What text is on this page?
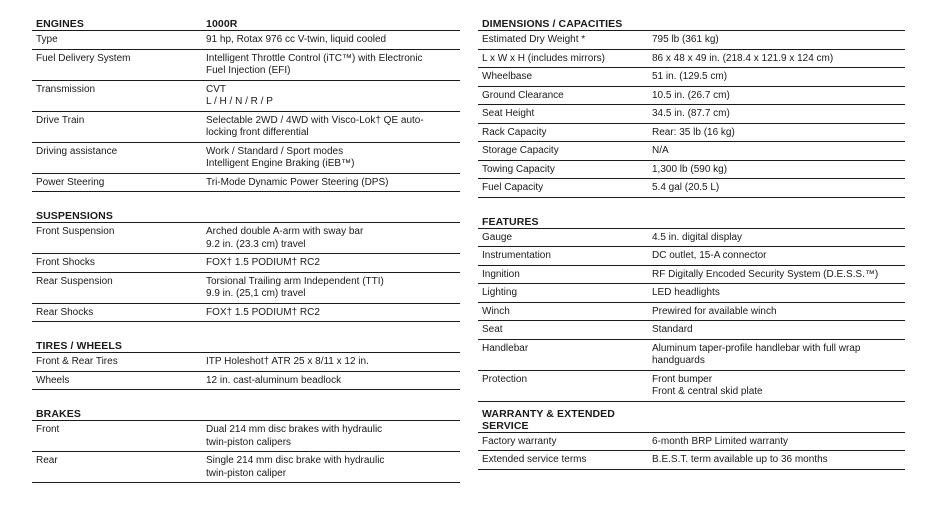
ENGINES	1000R
Type	91 hp, Rotax 976 cc V-twin, liquid cooled
Fuel Delivery System	Intelligent Throttle Control (iTC™) with Electronic
Fuel Injection (EFI)
Transmission	CVT
L / H / N / R / P
Drive Train	Selectable 2WD / 4WD with Visco-Lok† QE auto-
locking front differential
Driving assistance	Work / Standard / Sport modes
Intelligent Engine Braking (iEB™)
Power Steering	Tri-Mode Dynamic Power Steering (DPS)
SUSPENSIONS
Front Suspension	Arched double A-arm with sway bar
9.2 in. (23.3 cm) travel
Front Shocks	FOX† 1.5 PODIUM† RC2
Rear Suspension	Torsional Trailing arm Independent (TTI)
9.9 in. (25,1 cm) travel
Rear Shocks	FOX† 1.5 PODIUM† RC2
TIRES / WHEELS
Front & Rear Tires	ITP Holeshot† ATR 25 x 8/11 x 12 in.
Wheels	12 in. cast-aluminum beadlock
BRAKES
Front	Dual 214 mm disc brakes with hydraulic
twin-piston calipers
Rear	Single 214 mm disc brake with hydraulic
twin-piston caliper
DIMENSIONS / CAPACITIES
Estimated Dry Weight *	795 lb (361 kg)
L x W x H (includes mirrors)	86 x 48 x 49 in. (218.4 x 121.9 x 124 cm)
Wheelbase	51 in. (129.5 cm)
Ground Clearance	10.5 in. (26.7 cm)
Seat Height	34.5 in. (87.7 cm)
Rack Capacity	Rear: 35 lb (16 kg)
Storage Capacity	N/A
Towing Capacity	1,300 lb (590 kg)
Fuel Capacity	5.4 gal (20.5 L)
FEATURES
Gauge	4.5 in. digital display
Instrumentation	DC outlet, 15-A connector
Ingnition	RF Digitally Encoded Security System (D.E.S.S.™)
Lighting	LED headlights
Winch	Prewired for available winch
Seat	Standard
Handlebar	Aluminum taper-profile handlebar with full wrap
handguards
Protection	Front bumper
Front & central skid plate
WARRANTY & EXTENDED SERVICE
Factory warranty	6-month BRP Limited warranty
Extended service terms	B.E.S.T. term available up to 36 months
